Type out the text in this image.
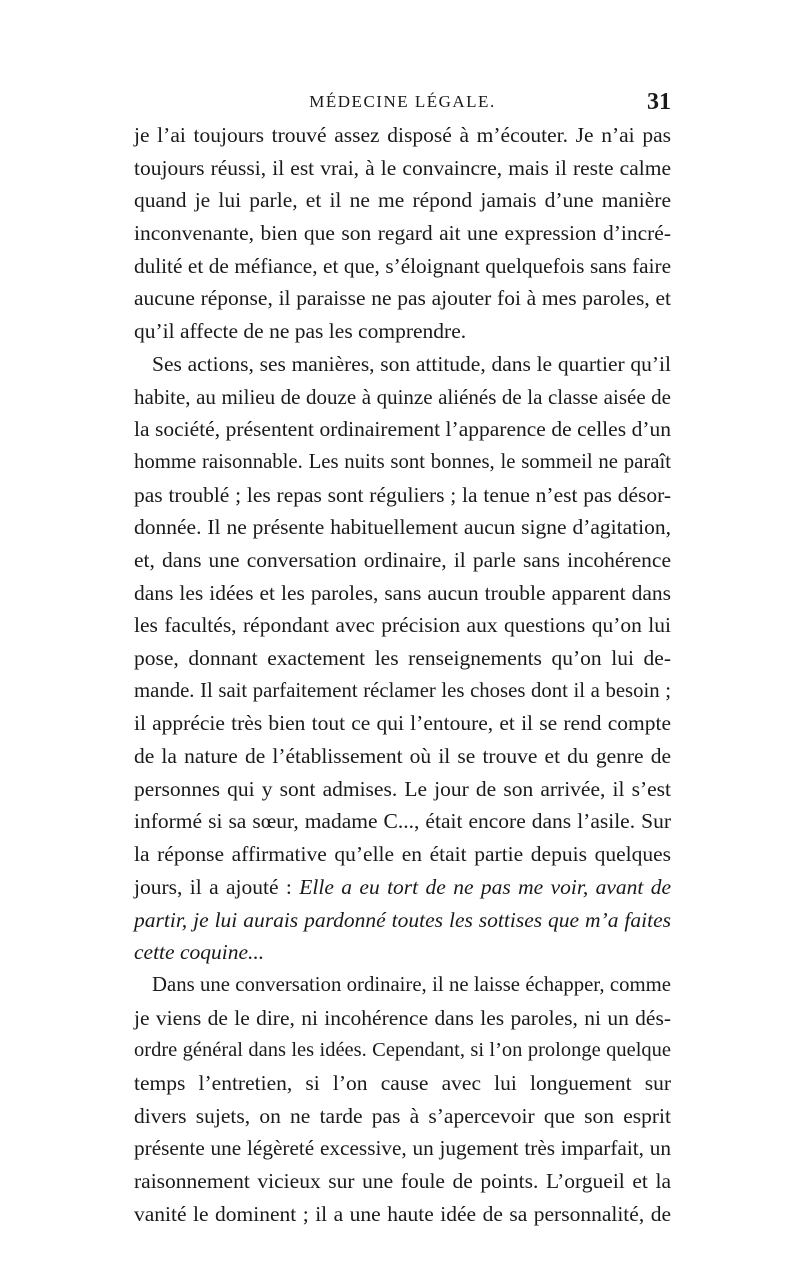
MÉDECINE LÉGALE.	31
je l’ai toujours trouvé assez disposé à m’écouter. Je n’ai pas
toujours réussi, il est vrai, à le convaincre, mais il reste calme
quand je lui parle, et il ne me répond jamais d’une manière
inconvenante, bien que son regard ait une expression d’incré-
dulité et de méfiance, et que, s’éloignant quelquefois sans faire
aucune réponse, il paraisse ne pas ajouter foi à mes paroles, et
qu’il affecte de ne pas les comprendre.
Ses actions, ses manières, son attitude, dans le quartier qu’il
habite, au milieu de douze à quinze aliénés de la classe aisée de
la société, présentent ordinairement l’apparence de celles d’un
homme raisonnable. Les nuits sont bonnes, le sommeil ne paraît
pas troublé ; les repas sont réguliers ; la tenue n’est pas désor-
donnée. Il ne présente habituellement aucun signe d’agitation,
et, dans une conversation ordinaire, il parle sans incohérence
dans les idées et les paroles, sans aucun trouble apparent dans
les facultés, répondant avec précision aux questions qu’on lui
pose, donnant exactement les renseignements qu’on lui de-
mande. Il sait parfaitement réclamer les choses dont il a besoin ;
il apprécie très bien tout ce qui l’entoure, et il se rend compte
de la nature de l’établissement où il se trouve et du genre de
personnes qui y sont admises. Le jour de son arrivée, il s’est
informé si sa sœur, madame C..., était encore dans l’asile. Sur
la réponse affirmative qu’elle en était partie depuis quelques
jours, il a ajouté : Elle a eu tort de ne pas me voir, avant de
partir, je lui aurais pardonné toutes les sottises que m’a faites
cette coquine...
Dans une conversation ordinaire, il ne laisse échapper, comme
je viens de le dire, ni incohérence dans les paroles, ni un dés-
ordre général dans les idées. Cependant, si l’on prolonge quelque
temps l’entretien, si l’on cause avec lui longuement sur
divers sujets, on ne tarde pas à s’apercevoir que son esprit
présente une légèreté excessive, un jugement très imparfait, un
raisonnement vicieux sur une foule de points. L’orgueil et la
vanité le dominent ; il a une haute idée de sa personnalité, de
